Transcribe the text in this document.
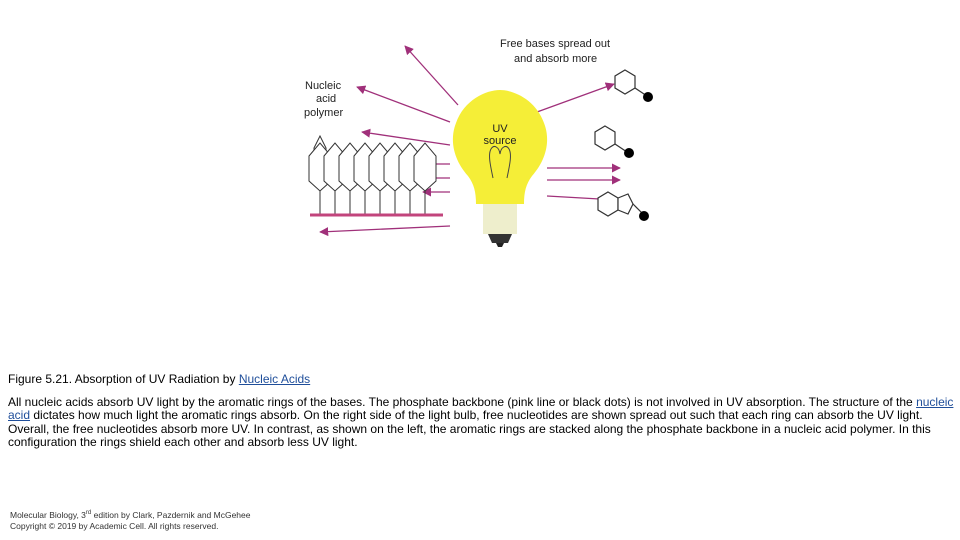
UV
source
Free bases spread out
and absorb more
Nucleic
acid
polymer

Figure 5.21. Absorption of UV Radiation by Nucleic Acids

All nucleic acids absorb UV light by the aromatic rings of the bases. The phosphate backbone (pink line or black dots) is not involved in UV absorption. The structure of the nucleic acid dictates how much light the aromatic rings absorb. On the right side of the light bulb, free nucleotides are shown spread out such that each ring can absorb the UV light. Overall, the free nucleotides absorb more UV. In contrast, as shown on the left, the aromatic rings are stacked along the phosphate backbone in a nucleic acid polymer. In this configuration the rings shield each other and absorb less UV light.

Molecular Biology, 3rd edition by Clark, Pazdernik and McGehee
Copyright © 2019 by Academic Cell. All rights reserved.
